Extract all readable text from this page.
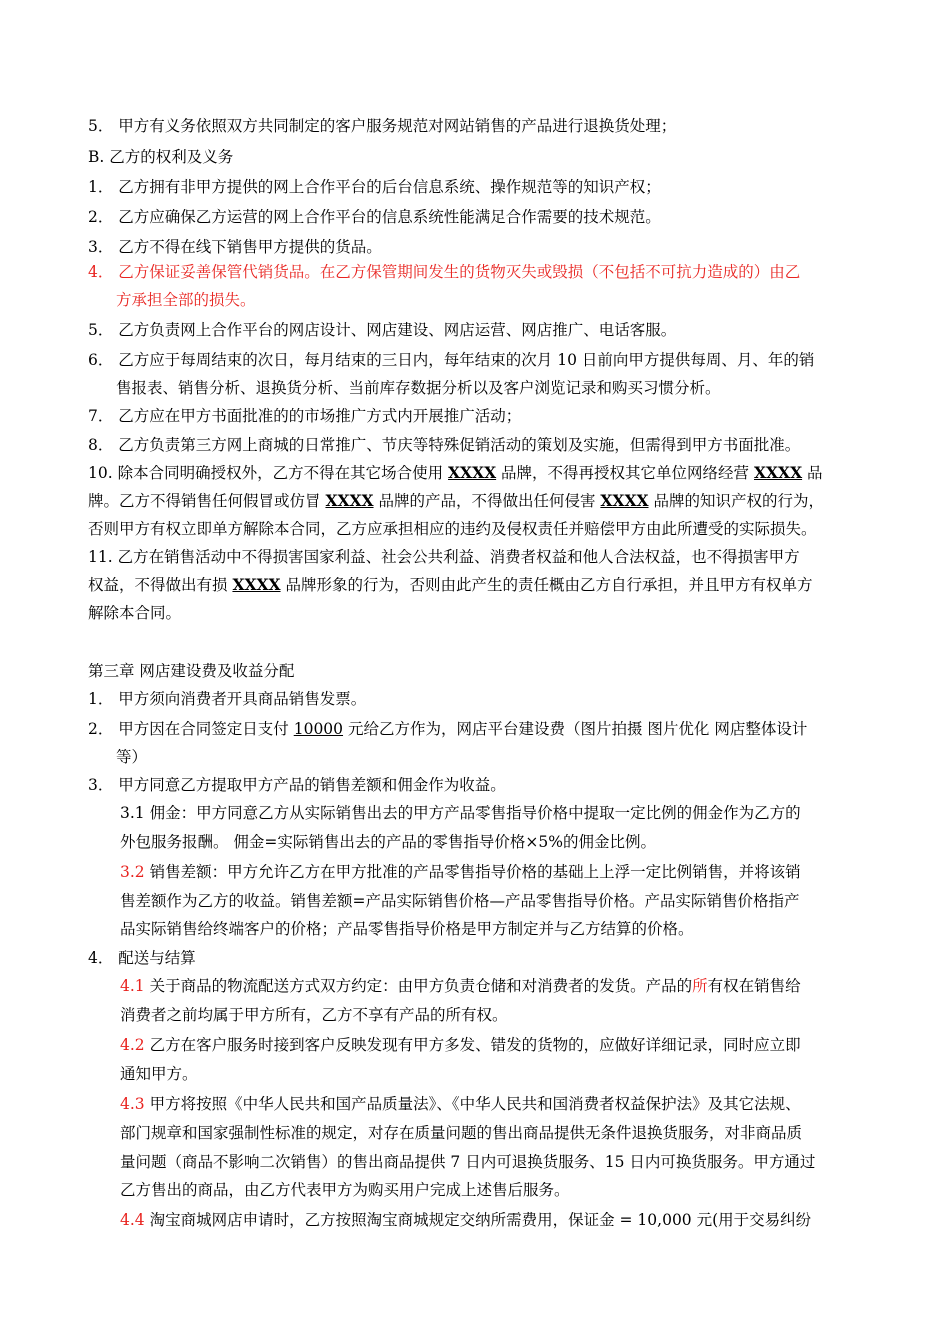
5． 甲方有义务依照双方共同制定的客户服务规范对网站销售的产品进行退换货处理；
B. 乙方的权利及义务
1． 乙方拥有非甲方提供的网上合作平台的后台信息系统、操作规范等的知识产权；
2． 乙方应确保乙方运营的网上合作平台的信息系统性能满足合作需要的技术规范。
3． 乙方不得在线下销售甲方提供的货品。
4． 乙方保证妥善保管代销货品。在乙方保管期间发生的货物灭失或毁损（不包括不可抗力造成的）由乙
方承担全部的损失。
5． 乙方负责网上合作平台的网店设计、网店建设、网店运营、网店推广、电话客服。
6． 乙方应于每周结束的次日，每月结束的三日内，每年结束的次月 10 日前向甲方提供每周、月、年的销
售报表、销售分析、退换货分析、当前库存数据分析以及客户浏览记录和购买习惯分析。
7． 乙方应在甲方书面批准的的市场推广方式内开展推广活动；
8． 乙方负责第三方网上商城的日常推广、节庆等特殊促销活动的策划及实施，但需得到甲方书面批准。
10. 除本合同明确授权外，乙方不得在其它场合使用 XXXX 品牌，不得再授权其它单位网络经营 XXXX 品
牌。乙方不得销售任何假冒或仿冒 XXXX 品牌的产品，不得做出任何侵害 XXXX 品牌的知识产权的行为，
否则甲方有权立即单方解除本合同，乙方应承担相应的违约及侵权责任并赔偿甲方由此所遭受的实际损失。
11. 乙方在销售活动中不得损害国家利益、社会公共利益、消费者权益和他人合法权益，也不得损害甲方
权益，不得做出有损 XXXX 品牌形象的行为，否则由此产生的责任概由乙方自行承担，并且甲方有权单方
解除本合同。
第三章 网店建设费及收益分配
1． 甲方须向消费者开具商品销售发票。
2． 甲方因在合同签定日支付 10000 元给乙方作为，网店平台建设费（图片拍摄 图片优化 网店整体设计
等）
3． 甲方同意乙方提取甲方产品的销售差额和佣金作为收益。
3.1 佣金：甲方同意乙方从实际销售出去的甲方产品零售指导价格中提取一定比例的佣金作为乙方的
外包服务报酬。 佣金=实际销售出去的产品的零售指导价格×5%的佣金比例。
3.2 销售差额：甲方允许乙方在甲方批准的产品零售指导价格的基础上上浮一定比例销售，并将该销
售差额作为乙方的收益。销售差额=产品实际销售价格—产品零售指导价格。产品实际销售价格指产
品实际销售给终端客户的价格；产品零售指导价格是甲方制定并与乙方结算的价格。
4． 配送与结算
4.1 关于商品的物流配送方式双方约定：由甲方负责仓储和对消费者的发货。产品的所有权在销售给
消费者之前均属于甲方所有，乙方不享有产品的所有权。
4.2 乙方在客户服务时接到客户反映发现有甲方多发、错发的货物的，应做好详细记录，同时应立即
通知甲方。
4.3 甲方将按照《中华人民共和国产品质量法》、《中华人民共和国消费者权益保护法》及其它法规、
部门规章和国家强制性标准的规定，对存在质量问题的售出商品提供无条件退换货服务，对非商品质
量问题（商品不影响二次销售）的售出商品提供 7 日内可退换货服务、15 日内可换货服务。甲方通过
乙方售出的商品，由乙方代表甲方为购买用户完成上述售后服务。
4.4 淘宝商城网店申请时，乙方按照淘宝商城规定交纳所需费用，保证金 = 10,000 元(用于交易纠纷
